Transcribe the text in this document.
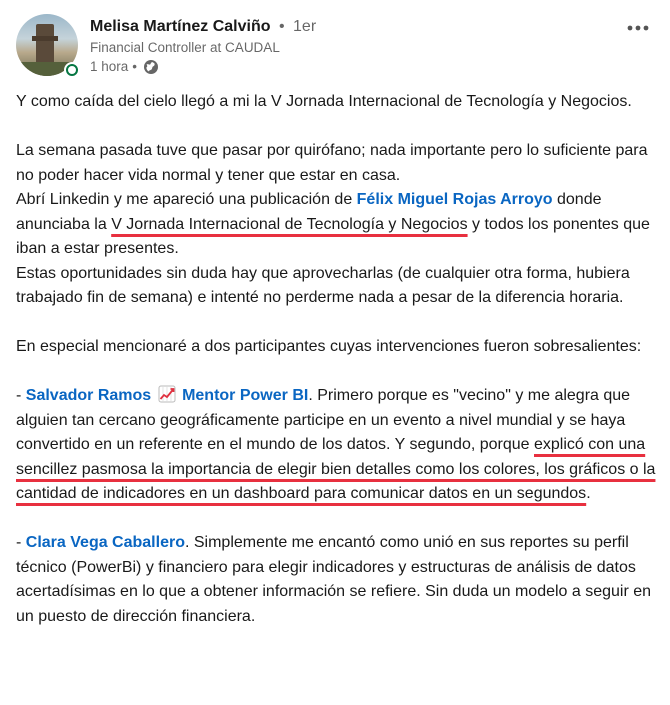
Melisa Martínez Calviño • 1er
Financial Controller at CAUDAL
1 hora •

Y como caída del cielo llegó a mi la V Jornada Internacional de Tecnología y Negocios.

La semana pasada tuve que pasar por quirófano; nada importante pero lo suficiente para no poder hacer vida normal y tener que estar en casa.
Abrí Linkedin y me apareció una publicación de Félix Miguel Rojas Arroyo donde anunciaba la V Jornada Internacional de Tecnología y Negocios y todos los ponentes que iban a estar presentes.
Estas oportunidades sin duda hay que aprovecharlas (de cualquier otra forma, hubiera trabajado fin de semana) e intenté no perderme nada a pesar de la diferencia horaria.

En especial mencionaré a dos participantes cuyas intervenciones fueron sobresalientes:

- Salvador Ramos Mentor Power BI. Primero porque es "vecino" y me alegra que alguien tan cercano geográficamente participe en un evento a nivel mundial y se haya convertido en un referente en el mundo de los datos. Y segundo, porque explicó con una sencillez pasmosa la importancia de elegir bien detalles como los colores, los gráficos o la cantidad de indicadores en un dashboard para comunicar datos en un segundos.

- Clara Vega Caballero. Simplemente me encantó como unió en sus reportes su perfil técnico (PowerBi) y financiero para elegir indicadores y estructuras de análisis de datos acertadísimas en lo que a obtener información se refiere. Sin duda un modelo a seguir en un puesto de dirección financiera.
